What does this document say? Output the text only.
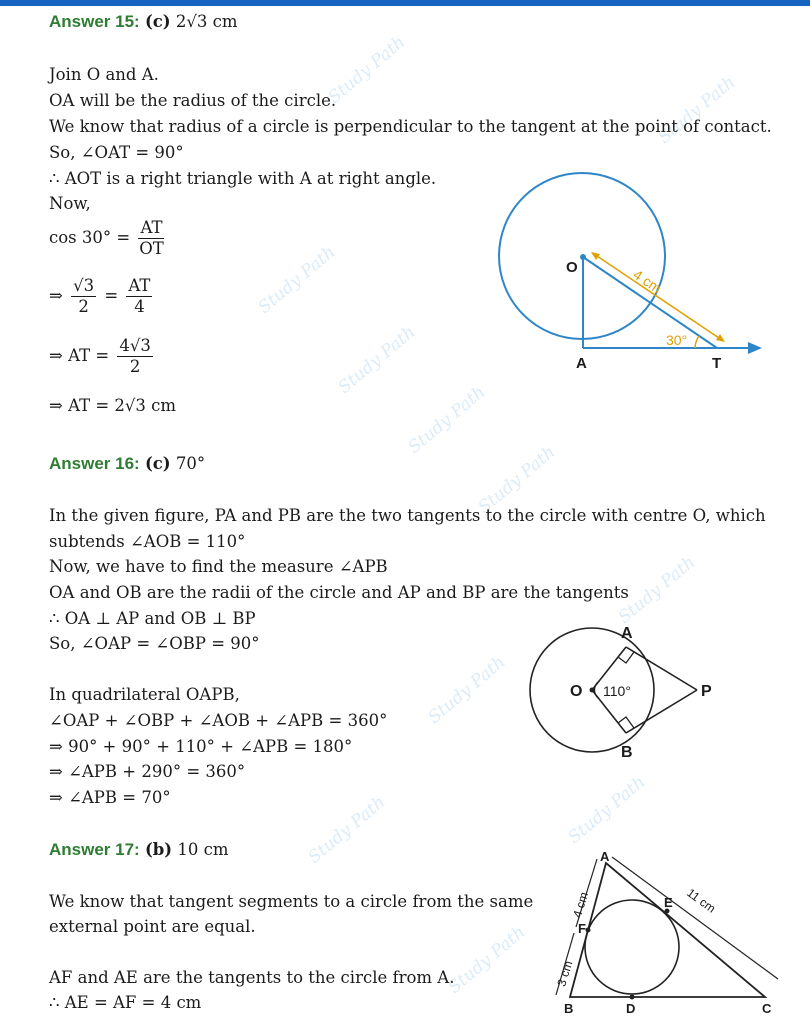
Study Path
Study Path
Study Path
Study Path
Study Path
Study Path
Study Path
Study Path
Study Path	Study Path
Study Path
Answer 15: (c) 2√3 cm
Join O and A.
OA will be the radius of the circle.
We know that radius of a circle is perpendicular to the tangent at the point of contact.
So, ∠OAT = 90°
∴ AOT is a right triangle with A at right angle.
Now,
$\cos 30^\circ = \frac{AT}{OT}$
⇒ $\frac{√3}{2} = \frac{AT}{4}$
⇒ AT = $\frac{4√3}{2}$
⇒ AT = 2√3 cm
O
A	T
4 cm
30°
Answer 16: (c) 70°
In the given figure, PA and PB are the two tangents to the circle with centre O, which
subtends ∠AOB = 110°
Now, we have to find the measure ∠APB
OA and OB are the radii of the circle and AP and BP are the tangents
∴ OA ⊥ AP and OB ⊥ BP
So, ∠OAP = ∠OBP = 90°
In quadrilateral OAPB,
∠OAP + ∠OBP + ∠AOB + ∠APB = 360°
⇒ 90° + 90° + 110° + ∠APB = 180°
⇒ ∠APB + 290° = 360°
⇒ ∠APB = 70°
O 110°
A
B
P
Answer 17: (b) 10 cm
We know that tangent segments to a circle from the same
external point are equal.
AF and AE are the tangents to the circle from A.
∴ AE = AF = 4 cm
A
B	C
D
E
F
11 cm
4 cm
3 cm
